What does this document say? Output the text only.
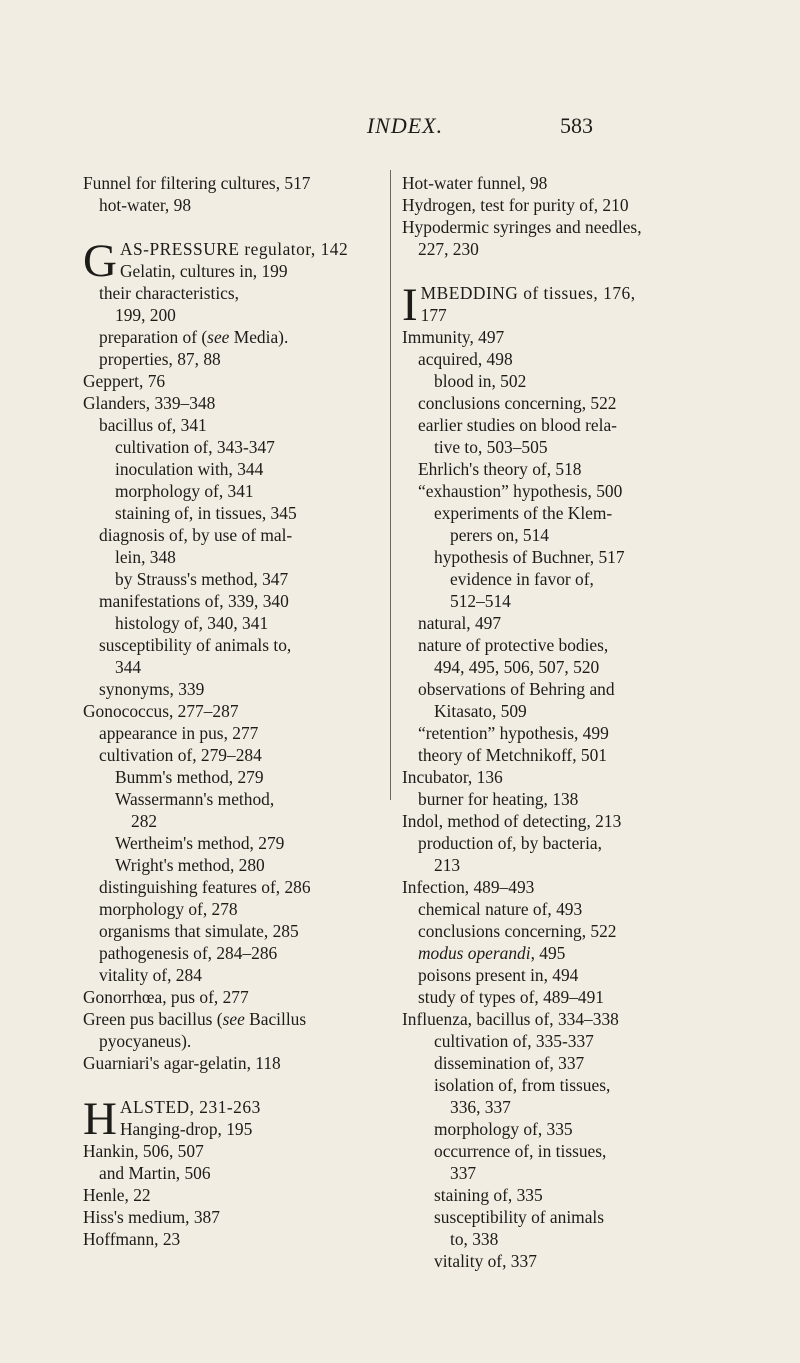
INDEX.	583
Funnel for filtering cultures, 517
hot-water, 98
G AS-PRESSURE regulator, 142
Gelatin, cultures in, 199
their characteristics,
199, 200
preparation of (see Media).
properties, 87, 88
Geppert, 76
Glanders, 339–348
bacillus of, 341
cultivation of, 343-347
inoculation with, 344
morphology of, 341
staining of, in tissues, 345
diagnosis of, by use of mal-
lein, 348
by Strauss's method, 347
manifestations of, 339, 340
histology of, 340, 341
susceptibility of animals to,
344
synonyms, 339
Gonococcus, 277–287
appearance in pus, 277
cultivation of, 279–284
Bumm's method, 279
Wassermann's method,
282
Wertheim's method, 279
Wright's method, 280
distinguishing features of, 286
morphology of, 278
organisms that simulate, 285
pathogenesis of, 284–286
vitality of, 284
Gonorrhœa, pus of, 277
Green pus bacillus (see Bacillus
pyocyaneus).
Guarniari's agar-gelatin, 118
H ALSTED, 231-263
Hanging-drop, 195
Hankin, 506, 507
and Martin, 506
Henle, 22
Hiss's medium, 387
Hoffmann, 23
Hot-water funnel, 98
Hydrogen, test for purity of, 210
Hypodermic syringes and needles,
227, 230
I MBEDDING of tissues, 176,
177
Immunity, 497
acquired, 498
blood in, 502
conclusions concerning, 522
earlier studies on blood rela-
tive to, 503–505
Ehrlich's theory of, 518
“exhaustion” hypothesis, 500
experiments of the Klem-
perers on, 514
hypothesis of Buchner, 517
evidence in favor of,
512–514
natural, 497
nature of protective bodies,
494, 495, 506, 507, 520
observations of Behring and
Kitasato, 509
“retention” hypothesis, 499
theory of Metchnikoff, 501
Incubator, 136
burner for heating, 138
Indol, method of detecting, 213
production of, by bacteria,
213
Infection, 489–493
chemical nature of, 493
conclusions concerning, 522
modus operandi, 495
poisons present in, 494
study of types of, 489–491
Influenza, bacillus of, 334–338
cultivation of, 335-337
dissemination of, 337
isolation of, from tissues,
336, 337
morphology of, 335
occurrence of, in tissues,
337
staining of, 335
susceptibility of animals
to, 338
vitality of, 337
